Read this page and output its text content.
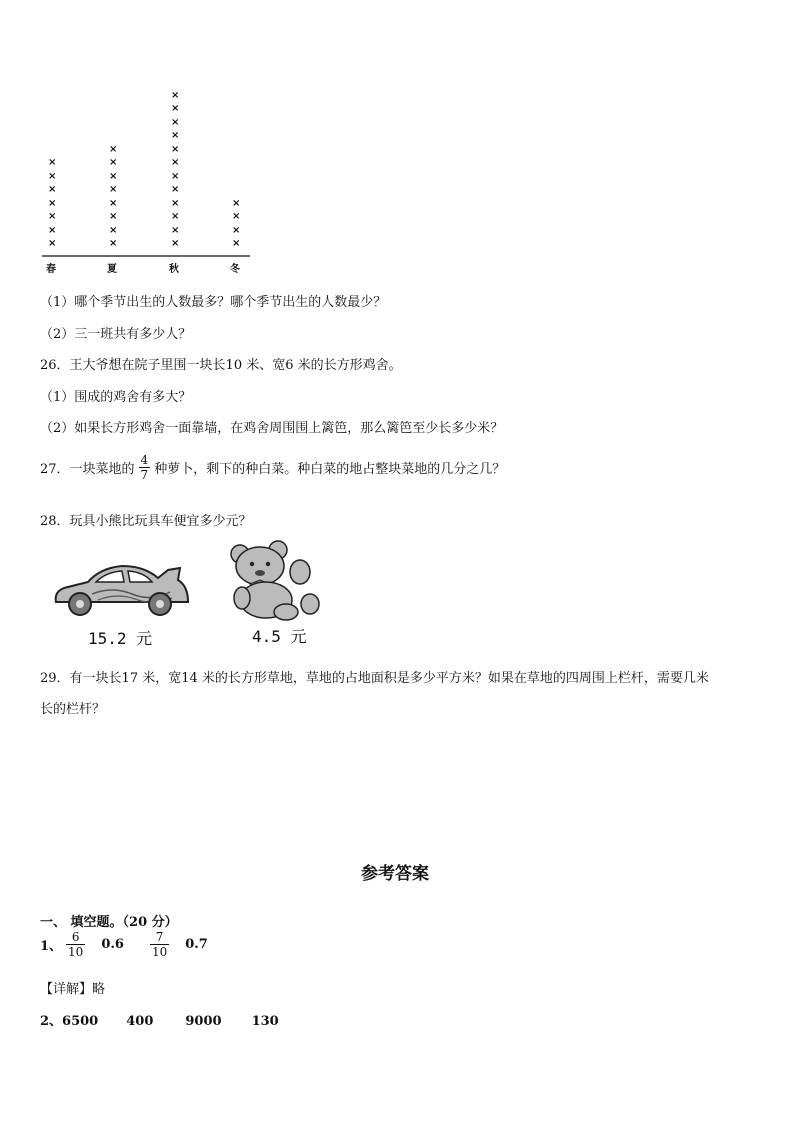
×
×
×
×
×
×
×
春
×
×
×
×
×
×
×
×
夏
×
×
×
×
×
×
×
×
×
×
×
×
秋
×
×
×
×
冬
（1）哪个季节出生的人数最多？哪个季节出生的人数最少？
（2）三一班共有多少人？
26．王大爷想在院子里围一块长10 米、宽6 米的长方形鸡舍。
（1）围成的鸡舍有多大？
（2）如果长方形鸡舍一面靠墙，在鸡舍周围围上篱笆，那么篱笆至少长多少米？
27．一块菜地的 $\frac{4}{7}$ 种萝卜，剩下的种白菜。种白菜的地占整块菜地的几分之几？
28．玩具小熊比玩具车便宜多少元？
15.2 元	4.5 元
29．有一块长17 米，宽14 米的长方形草地，草地的占地面积是多少平方米？如果在草地的四周围上栏杆，需要几米
长的栏杆？
参考答案
一、 填空题。（20 分）
1、 $\frac{6}{10} 0.6 \frac{7}{10} 0.7$
【详解】略
2、6500 400 9000 130
